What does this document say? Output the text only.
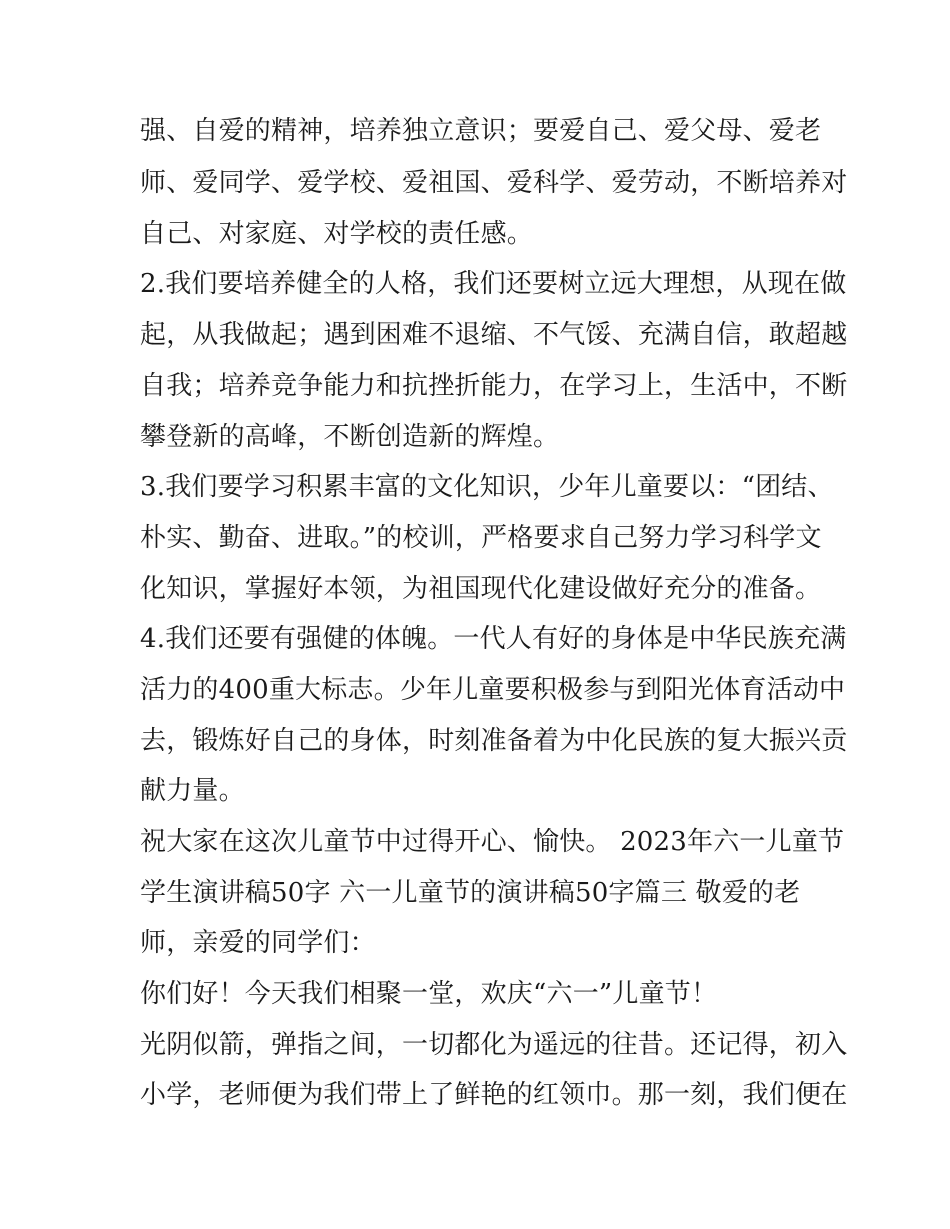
强、自爱的精神，培养独立意识；要爱自己、爱父母、爱老
师、爱同学、爱学校、爱祖国、爱科学、爱劳动，不断培养对
自己、对家庭、对学校的责任感。
2.我们要培养健全的人格，我们还要树立远大理想，从现在做
起，从我做起；遇到困难不退缩、不气馁、充满自信，敢超越
自我；培养竞争能力和抗挫折能力，在学习上，生活中，不断
攀登新的高峰，不断创造新的辉煌。
3.我们要学习积累丰富的文化知识，少年儿童要以：“团结、
朴实、勤奋、进取。”的校训，严格要求自己努力学习科学文
化知识，掌握好本领，为祖国现代化建设做好充分的准备。
4.我们还要有强健的体魄。一代人有好的身体是中华民族充满
活力的400重大标志。少年儿童要积极参与到阳光体育活动中
去，锻炼好自己的身体，时刻准备着为中化民族的复大振兴贡
献力量。
祝大家在这次儿童节中过得开心、愉快。 2023年六一儿童节
学生演讲稿50字 六一儿童节的演讲稿50字篇三 敬爱的老
师，亲爱的同学们：
你们好！今天我们相聚一堂，欢庆“六一”儿童节！
光阴似箭，弹指之间，一切都化为遥远的往昔。还记得，初入
小学，老师便为我们带上了鲜艳的红领巾。那一刻，我们便在
